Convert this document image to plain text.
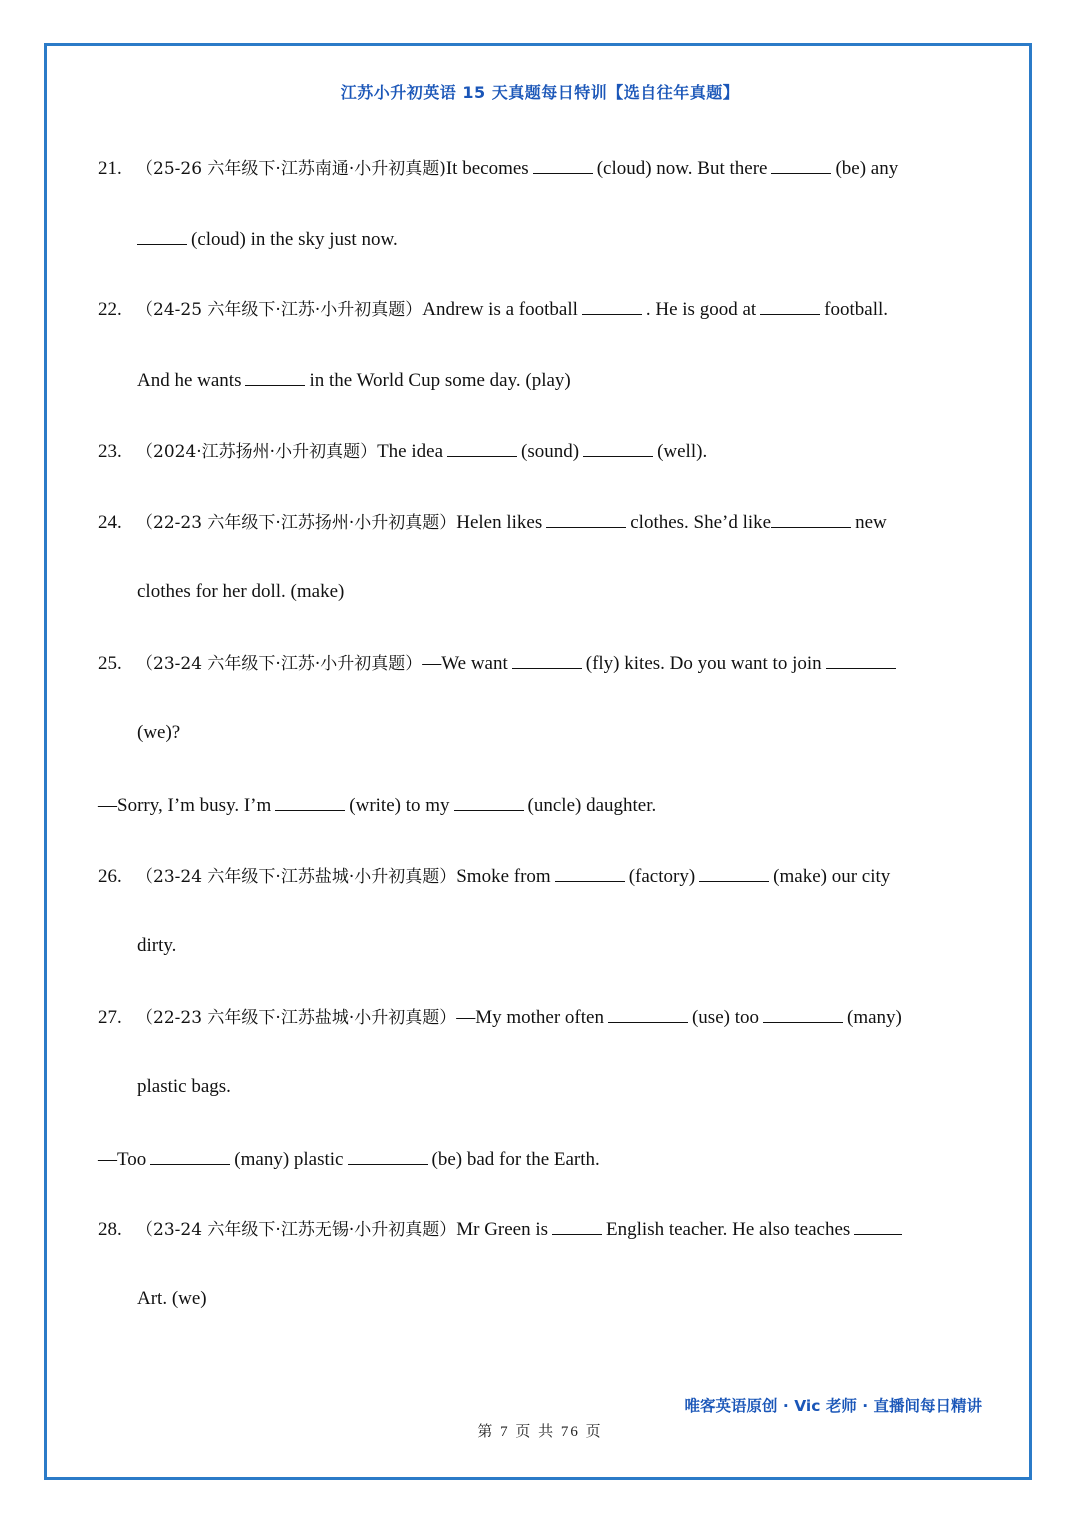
江苏小升初英语 15 天真题每日特训【选自往年真题】
21. （25-26 六年级下·江苏南通·小升初真题)It becomes	(cloud) now. But there	(be) any
(cloud) in the sky just now.
22. （24-25 六年级下·江苏·小升初真题）Andrew is a football	. He is good at	football.
And he wants	in the World Cup some day. (play)
23. （2024·江苏扬州·小升初真题）The idea	(sound)	(well).
24. （22-23 六年级下·江苏扬州·小升初真题）Helen likes	clothes. She’d like	new
clothes for her doll. (make)
25. （23-24 六年级下·江苏·小升初真题）—We want	(fly) kites. Do you want to join
(we)?
—Sorry, I’m busy. I’m	(write) to my	(uncle) daughter.
26. （23-24 六年级下·江苏盐城·小升初真题）Smoke from	(factory)	(make) our city
dirty.
27. （22-23 六年级下·江苏盐城·小升初真题）—My mother often	(use) too	(many)
plastic bags.
—Too	(many) plastic	(be) bad for the Earth.
28. （23-24 六年级下·江苏无锡·小升初真题）Mr Green is	English teacher. He also teaches
Art. (we)
唯客英语原创 · Vic 老师 · 直播间每日精讲
第 7 页 共 76 页
